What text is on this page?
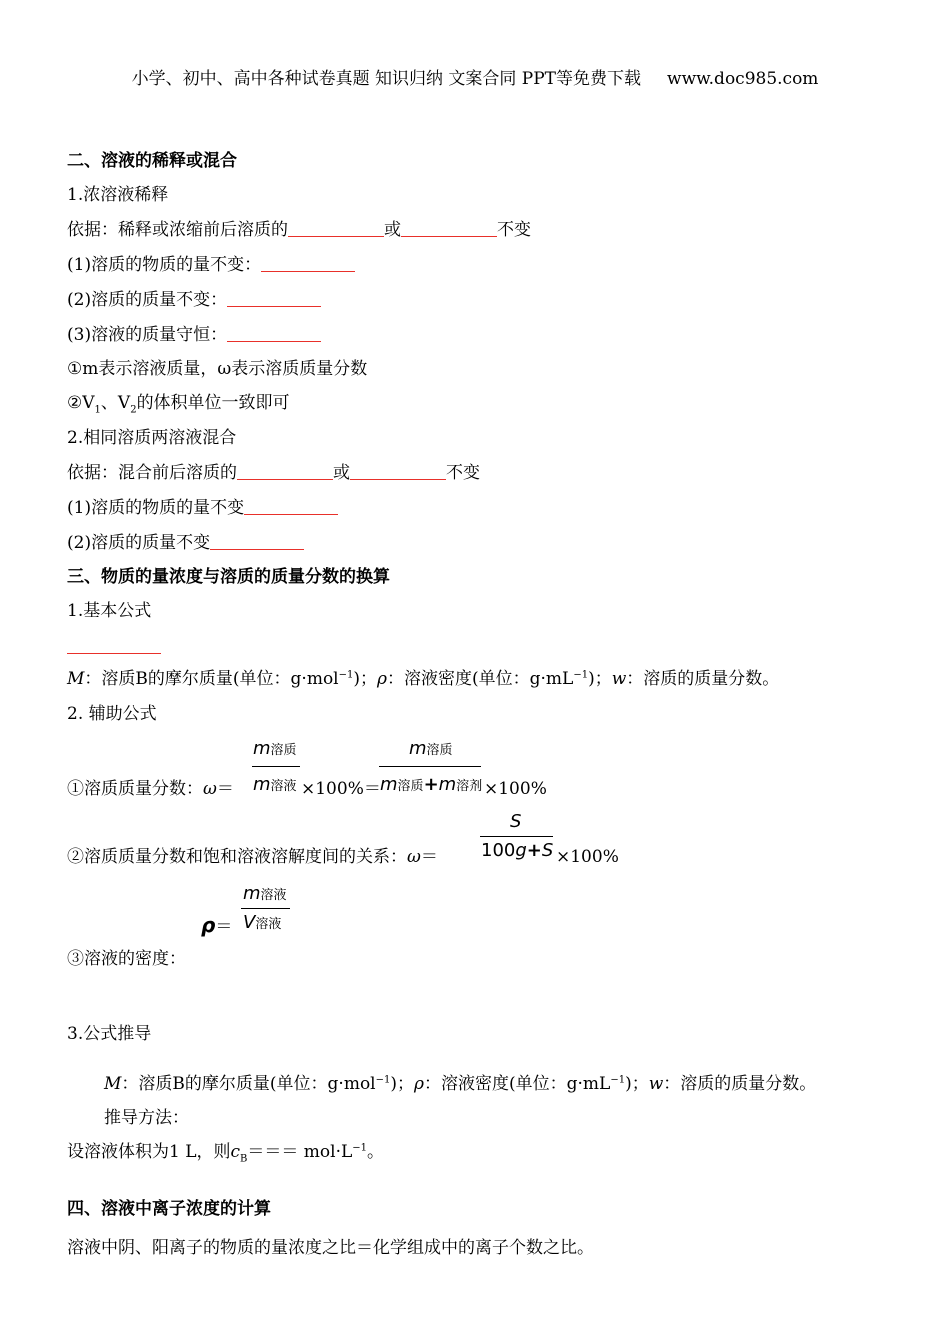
小学、初中、高中各种试卷真题 知识归纳 文案合同 PPT等免费下载 www.doc985.com
二、溶液的稀释或混合
1.浓溶液稀释
依据：稀释或浓缩前后溶质的	或	不变
(1)溶质的物质的量不变：
(2)溶质的质量不变：
(3)溶液的质量守恒：
①m表示溶液质量，ω表示溶质质量分数
$②V_1$、$V_2$的体积单位一致即可
2.相同溶质两溶液混合
依据：混合前后溶质的	或	不变
(1)溶质的物质的量不变
(2)溶质的质量不变
三、物质的量浓度与溶质的质量分数的换算
1.基本公式
M：溶质B的摩尔质量(单位：g·mol$^{-1}$)；ρ：溶液密度(单位：$g\cdot mL^{-1}$)；w：溶质的质量分数。
2. 辅助公式
①溶质质量分数：ω＝
m溶质
m溶液 ×100%＝
m溶质
m溶质+m溶剂 ×100%
②溶质质量分数和饱和溶液溶解度间的关系：ω＝
S
100g+S ×100%
ρ＝
m溶液
V溶液
③溶液的密度：
3.公式推导
M：溶质B的摩尔质量(单位：g·mol$^{-1}$)；ρ：溶液密度(单位：$g\cdot mL^{-1}$)；w：溶质的质量分数。
推导方法：
设溶液体积为1 L，则$c_B=== mol\cdot L^{-1}$。
四、溶液中离子浓度的计算
溶液中阴、阳离子的物质的量浓度之比＝化学组成中的离子个数之比。
